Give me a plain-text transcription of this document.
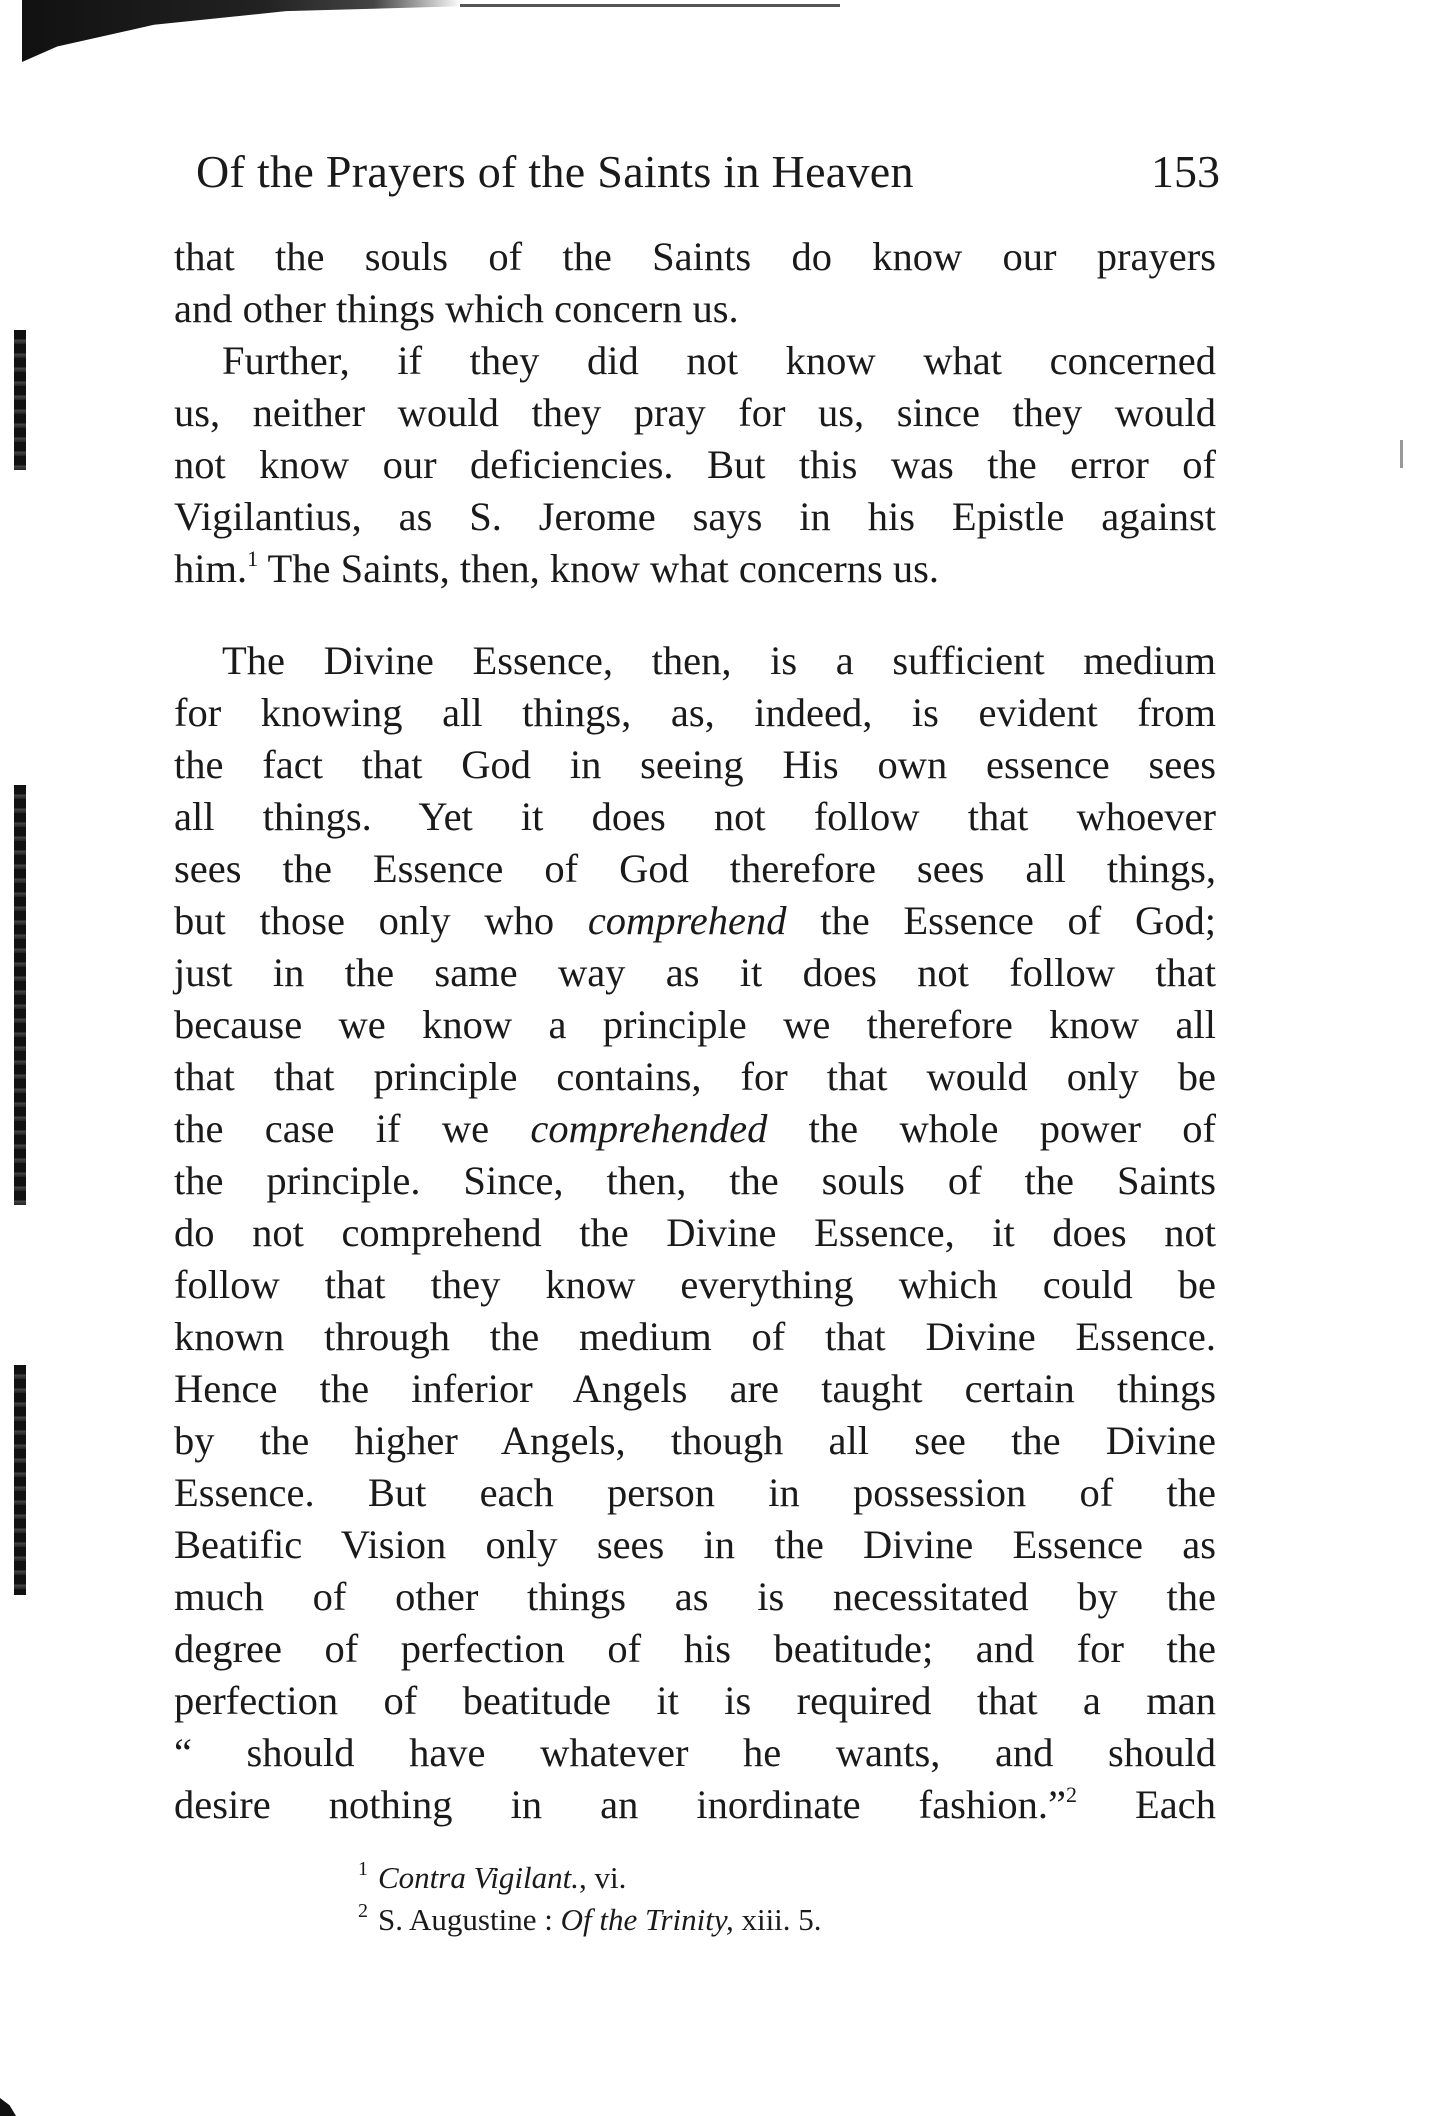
Of the Prayers of the Saints in Heaven	153
that the souls of the Saints do know our prayers
and other things which concern us.
Further, if they did not know what concerned
us, neither would they pray for us, since they would
not know our deficiencies. But this was the error of
Vigilantius, as S. Jerome says in his Epistle against
him.$^1$ The Saints, then, know what concerns us.
The Divine Essence, then, is a sufficient medium
for knowing all things, as, indeed, is evident from
the fact that God in seeing His own essence sees
all things. Yet it does not follow that whoever
sees the Essence of God therefore sees all things,
but those only who comprehend the Essence of God;
just in the same way as it does not follow that
because we know a principle we therefore know all
that that principle contains, for that would only be
the case if we comprehended the whole power of
the principle. Since, then, the souls of the Saints
do not comprehend the Divine Essence, it does not
follow that they know everything which could be
known through the medium of that Divine Essence.
Hence the inferior Angels are taught certain things
by the higher Angels, though all see the Divine
Essence. But each person in possession of the
Beatific Vision only sees in the Divine Essence as
much of other things as is necessitated by the
degree of perfection of his beatitude; and for the
perfection of beatitude it is required that a man
“ should have whatever he wants, and should
desire nothing in an inordinate fashion.”$^2$ Each
$^1$ Contra Vigilant., vi.
$^2$ S. Augustine : Of the Trinity, xiii. 5.
